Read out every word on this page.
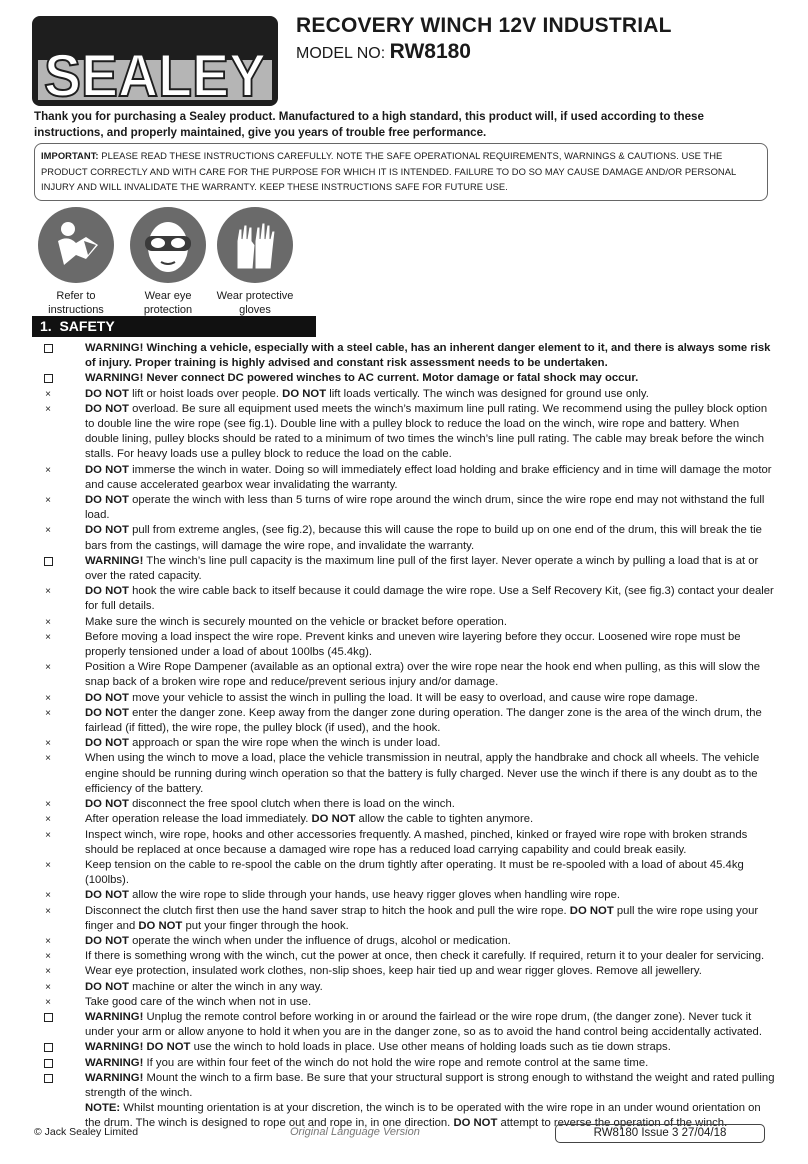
SEALEY
RECOVERY WINCH 12V INDUSTRIAL
MODEL NO: RW8180
Thank you for purchasing a Sealey product. Manufactured to a high standard, this product will, if used according to these instructions, and properly maintained, give you years of trouble free performance.
IMPORTANT: PLEASE READ THESE INSTRUCTIONS CAREFULLY. NOTE THE SAFE OPERATIONAL REQUIREMENTS, WARNINGS & CAUTIONS. USE THE PRODUCT CORRECTLY AND WITH CARE FOR THE PURPOSE FOR WHICH IT IS INTENDED. FAILURE TO DO SO MAY CAUSE DAMAGE AND/OR PERSONAL INJURY AND WILL INVALIDATE THE WARRANTY. KEEP THESE INSTRUCTIONS SAFE FOR FUTURE USE.
Refer to
instructions
Wear eye
protection
Wear protective
gloves
1. SAFETY
WARNING! Winching a vehicle, especially with a steel cable, has an inherent danger element to it, and there is always some risk of injury. Proper training is highly advised and constant risk assessment needs to be undertaken.
WARNING! Never connect DC powered winches to AC current. Motor damage or fatal shock may occur.
×	DO NOT lift or hoist loads over people. DO NOT lift loads vertically. The winch was designed for ground use only.
×	DO NOT overload. Be sure all equipment used meets the winch’s maximum line pull rating. We recommend using the pulley block option to double line the wire rope (see fig.1). Double line with a pulley block to reduce the load on the winch, wire rope and battery. When double lining, pulley blocks should be rated to a minimum of two times the winch’s line pull rating. The cable may break before the winch stalls. For heavy loads use a pulley block to reduce the load on the cable.
×	DO NOT immerse the winch in water. Doing so will immediately effect load holding and brake efficiency and in time will damage the motor and cause accelerated gearbox wear invalidating the warranty.
×	DO NOT operate the winch with less than 5 turns of wire rope around the winch drum, since the wire rope end may not withstand the full load.
×	DO NOT pull from extreme angles, (see fig.2), because this will cause the rope to build up on one end of the drum, this will break the tie bars from the castings, will damage the wire rope, and invalidate the warranty.
WARNING! The winch’s line pull capacity is the maximum line pull of the first layer. Never operate a winch by pulling a load that is at or over the rated capacity.
×	DO NOT hook the wire cable back to itself because it could damage the wire rope. Use a Self Recovery Kit, (see fig.3) contact your dealer for full details.
×	Make sure the winch is securely mounted on the vehicle or bracket before operation.
×	Before moving a load inspect the wire rope. Prevent kinks and uneven wire layering before they occur. Loosened wire rope must be properly tensioned under a load of about 100lbs (45.4kg).
×	Position a Wire Rope Dampener (available as an optional extra) over the wire rope near the hook end when pulling, as this will slow the snap back of a broken wire rope and reduce/prevent serious injury and/or damage.
×	DO NOT move your vehicle to assist the winch in pulling the load. It will be easy to overload, and cause wire rope damage.
×	DO NOT enter the danger zone. Keep away from the danger zone during operation. The danger zone is the area of the winch drum, the fairlead (if fitted), the wire rope, the pulley block (if used), and the hook.
×	DO NOT approach or span the wire rope when the winch is under load.
×	When using the winch to move a load, place the vehicle transmission in neutral, apply the handbrake and chock all wheels. The vehicle engine should be running during winch operation so that the battery is fully charged. Never use the winch if there is any doubt as to the efficiency of the battery.
×	DO NOT disconnect the free spool clutch when there is load on the winch.
×	After operation release the load immediately. DO NOT allow the cable to tighten anymore.
×	Inspect winch, wire rope, hooks and other accessories frequently. A mashed, pinched, kinked or frayed wire rope with broken strands should be replaced at once because a damaged wire rope has a reduced load carrying capability and could break easily.
×	Keep tension on the cable to re-spool the cable on the drum tightly after operating. It must be re-spooled with a load of about 45.4kg (100lbs).
×	DO NOT allow the wire rope to slide through your hands, use heavy rigger gloves when handling wire rope.
×	Disconnect the clutch first then use the hand saver strap to hitch the hook and pull the wire rope. DO NOT pull the wire rope using your finger and DO NOT put your finger through the hook.
×	DO NOT operate the winch when under the influence of drugs, alcohol or medication.
×	If there is something wrong with the winch, cut the power at once, then check it carefully. If required, return it to your dealer for servicing.
×	Wear eye protection, insulated work clothes, non-slip shoes, keep hair tied up and wear rigger gloves. Remove all jewellery.
×	DO NOT machine or alter the winch in any way.
×	Take good care of the winch when not in use.
WARNING! Unplug the remote control before working in or around the fairlead or the wire rope drum, (the danger zone). Never tuck it under your arm or allow anyone to hold it when you are in the danger zone, so as to avoid the hand control being accidentally activated.
WARNING! DO NOT use the winch to hold loads in place. Use other means of holding loads such as tie down straps.
WARNING! If you are within four feet of the winch do not hold the wire rope and remote control at the same time.
WARNING! Mount the winch to a firm base. Be sure that your structural support is strong enough to withstand the weight and rated pulling strength of the winch.
NOTE: Whilst mounting orientation is at your discretion, the winch is to be operated with the wire rope in an under wound orientation on the drum. The winch is designed to rope out and rope in, in one direction. DO NOT attempt to reverse the operation of the winch.
© Jack Sealey Limited	Original Language Version	RW8180 Issue 3 27/04/18
